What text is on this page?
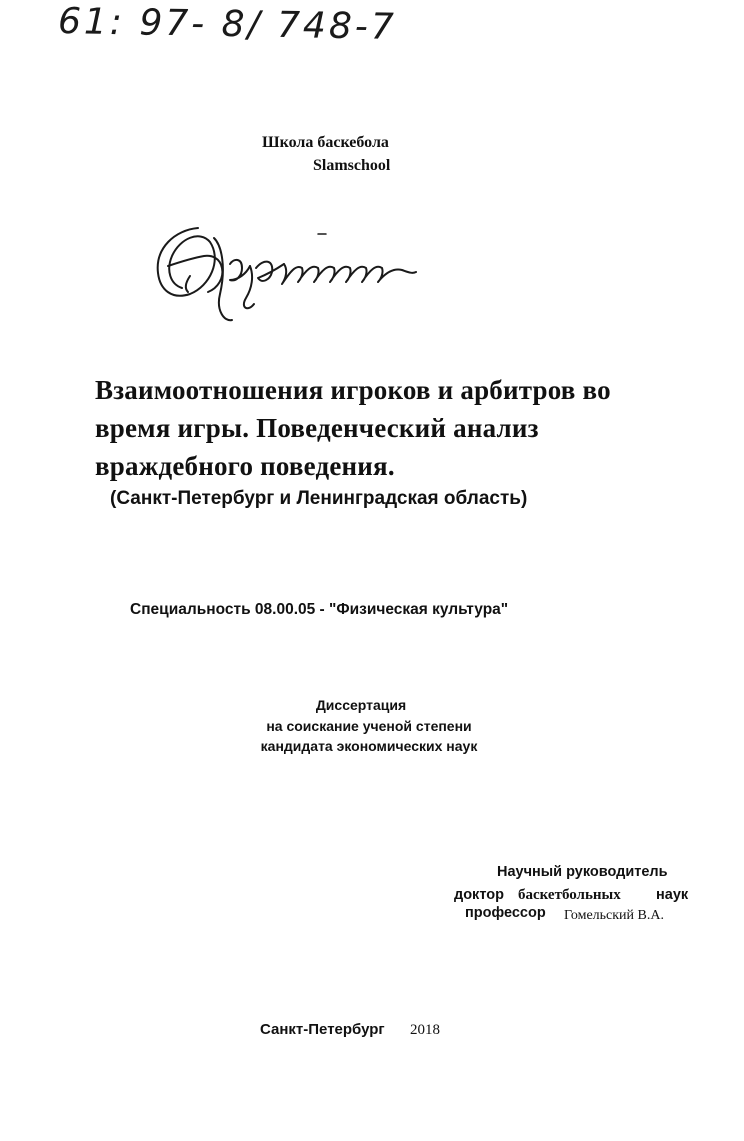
61: 97- 8/ 748-7
Школа баскебола
Slamschool
Взаимоотношения игроков и арбитров во
время игры. Поведенческий анализ
враждебного поведения.
(Санкт-Петербург и Ленинградская область)
Специальность 08.00.05 - "Физическая культура"
Диссертация
на соискание ученой степени
кандидата экономических наук
Научный руководитель
доктор баскетбольных наук
профессор Гомельский В.А.
Санкт-Петербург 2018
